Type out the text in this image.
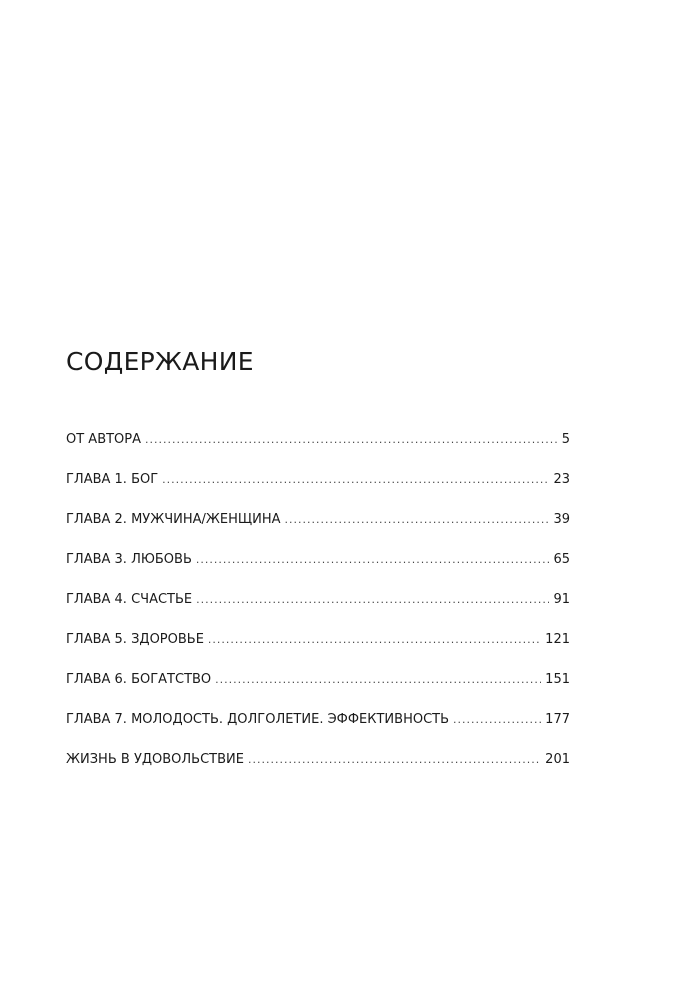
СОДЕРЖАНИЕ
ОТ АВТОРА .....	5
ГЛАВА 1. БОГ .....	23
ГЛАВА 2. МУЖЧИНА/ЖЕНЩИНА .....	39
ГЛАВА 3. ЛЮБОВЬ .....	65
ГЛАВА 4. СЧАСТЬЕ .....	91
ГЛАВА 5. ЗДОРОВЬЕ .....	121
ГЛАВА 6. БОГАТСТВО .....	151
ГЛАВА 7. МОЛОДОСТЬ. ДОЛГОЛЕТИЕ. ЭФФЕКТИВНОСТЬ .....	177
ЖИЗНЬ В УДОВОЛЬСТВИЕ .....	201
